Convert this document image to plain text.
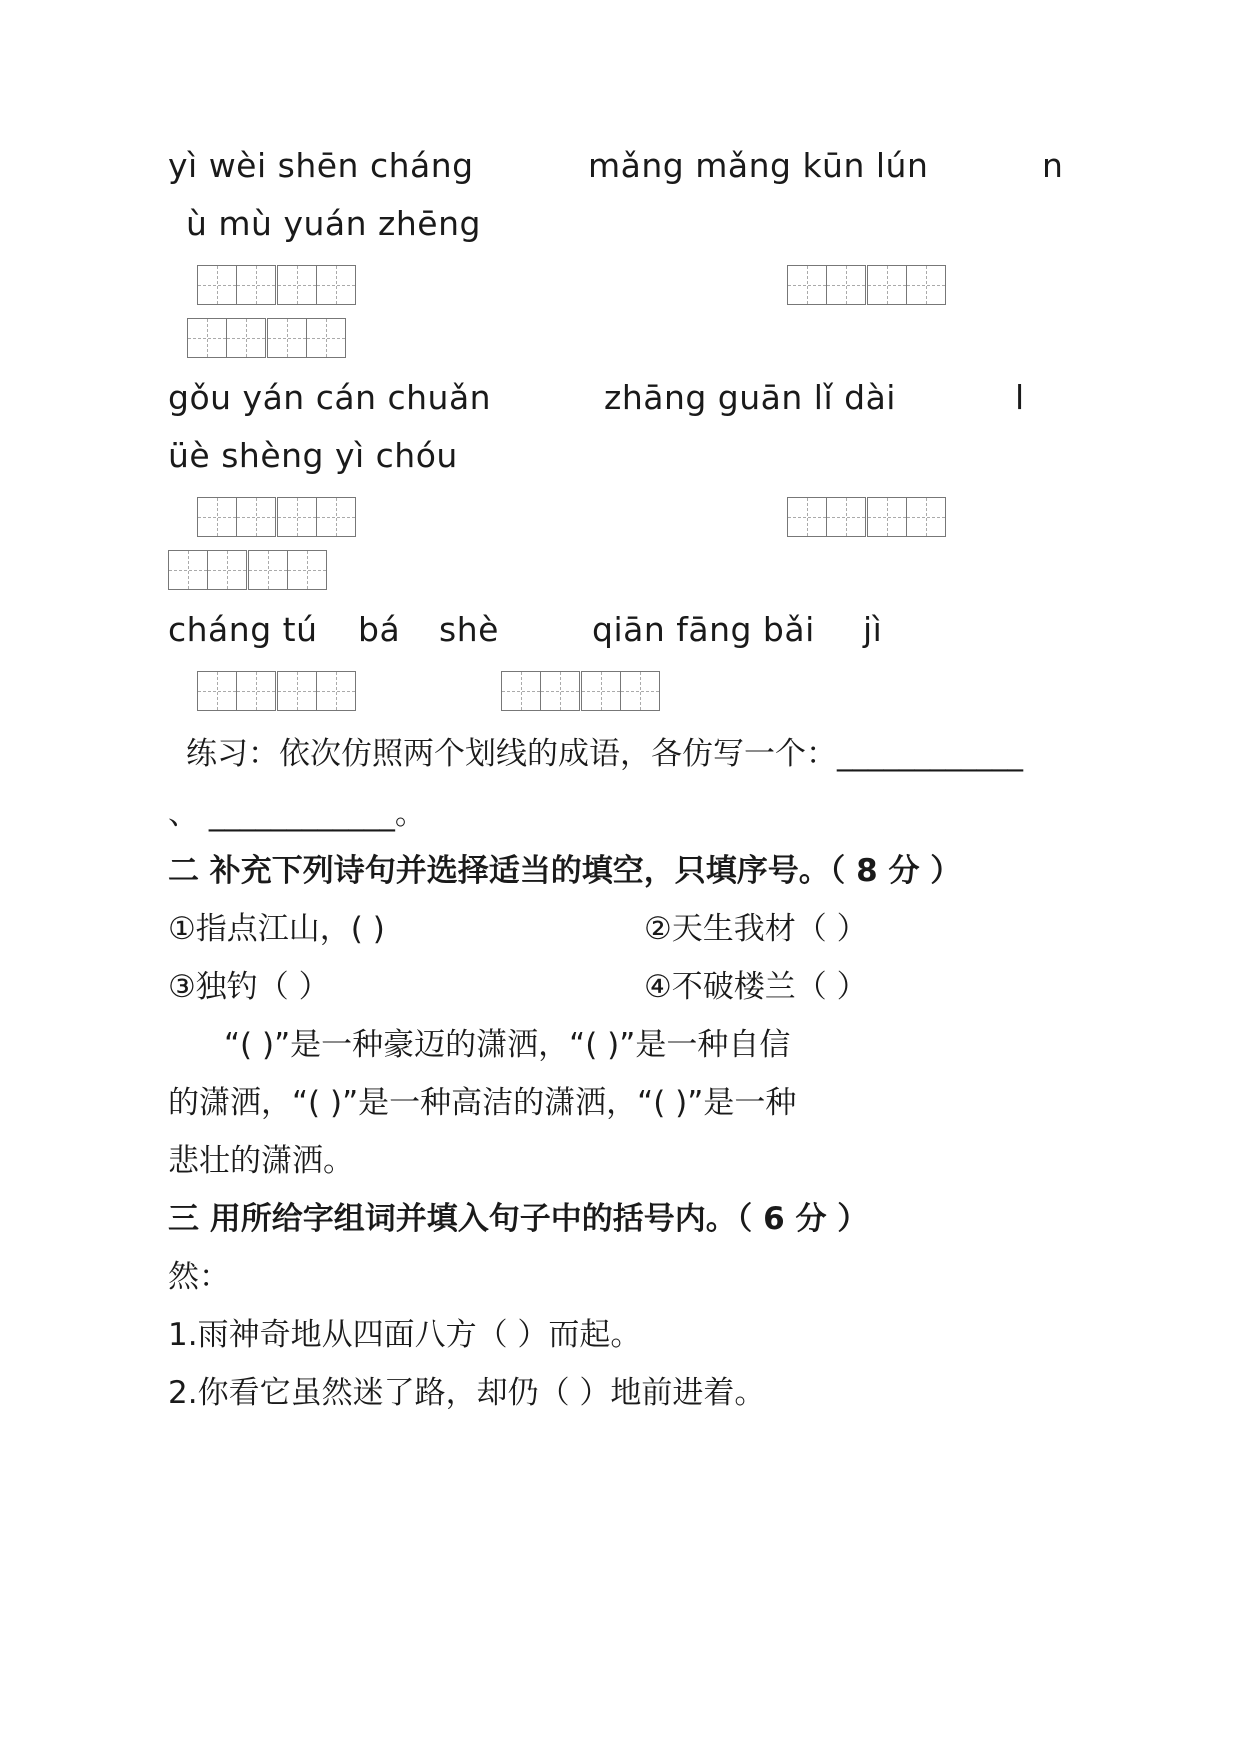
yì wèi shēn cháng	mǎng mǎng kūn lún	n
ù mù yuán zhēng
gǒu yán cán chuǎn	zhāng guān lǐ dài	l
üè shèng yì chóu
cháng tú bá shè	qiān fāng bǎi jì
练习：依次仿照两个划线的成语，各仿写一个：____________
、 ____________。
二 补充下列诗句并选择适当的填空，只填序号。（ 8 分 ）
①指点江山，( )	②天生我材（ ）
③独钓（ ）	④不破楼兰（ ）
“( )”是一种豪迈的潇洒，“( )”是一种自信
的潇洒，“( )”是一种高洁的潇洒，“( )”是一种
悲壮的潇洒。
三 用所给字组词并填入句子中的括号内。（ 6 分 ）
然：
1.雨神奇地从四面八方（ ）而起。
2.你看它虽然迷了路，却仍（ ）地前进着。
